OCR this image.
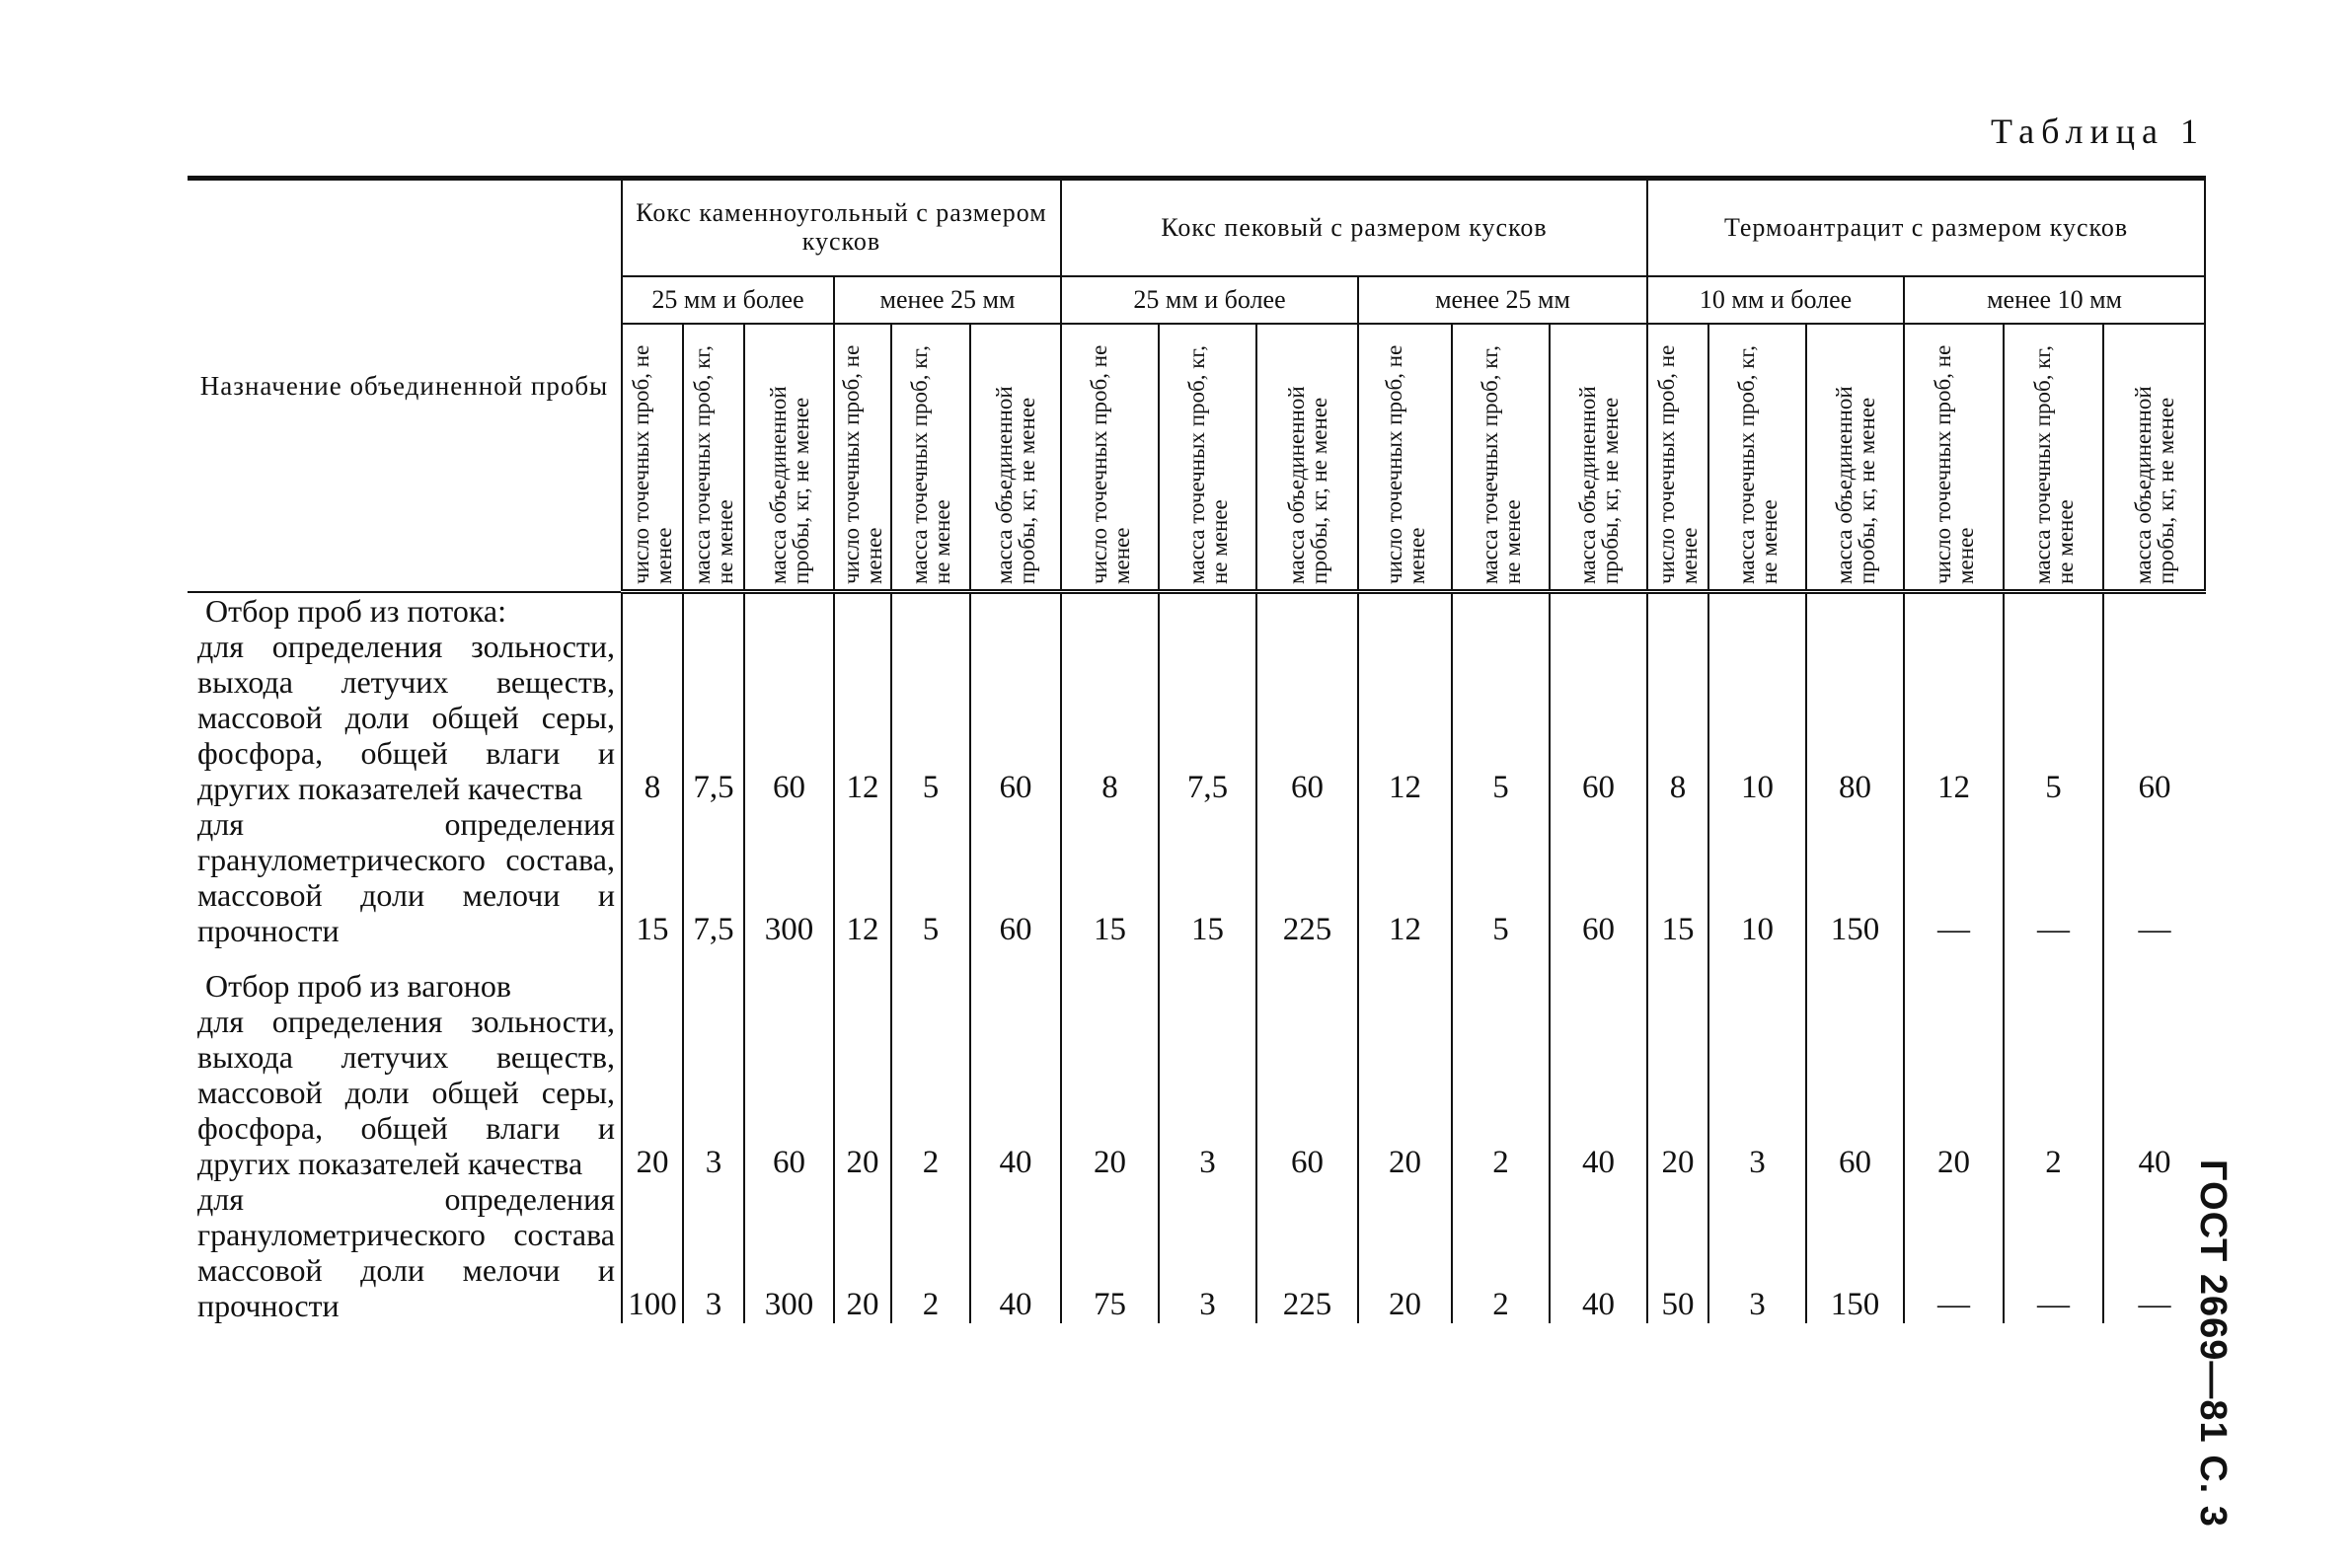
Таблица 1
ГОСТ 2669—81 С. 3
Назначение объединенной пробы	Кокс каменноугольный с размером кусков						Кокс пековый с размером кусков						Термоантрацит с размером кусков					
	25 мм и более			менее 25 мм			25 мм и более			менее 25 мм			10 мм и более			менее 10 мм		
	число точечных проб, не менее	масса точечных проб, кг, не менее	масса объединенной пробы, кг, не менее	число точечных проб, не менее	масса точечных проб, кг, не менее	масса объединенной пробы, кг, не менее	число точечных проб, не менее	масса точечных проб, кг, не менее	масса объединенной пробы, кг, не менее	число точечных проб, не менее	масса точечных проб, кг, не менее	масса объединенной пробы, кг, не менее	число точечных проб, не менее	масса точечных проб, кг, не менее	масса объединенной пробы, кг, не менее	число точечных проб, не менее	масса точечных проб, кг, не менее	масса объединенной пробы, кг, не менее

Отбор проб из потока:																		

для определения зольности, выхода летучих веществ, массовой доли общей серы, фосфора, общей влаги и других показателей качества	8	7,5	60	12	5	60	8	7,5	60	12	5	60	8	10	80	12	5	60
для определения гранулометрического состава, массовой доли мелочи и прочности	15	7,5	300	12	5	60	15	15	225	12	5	60	15	10	150	—	—	—

Отбор проб из вагонов																		

для определения зольности, выхода летучих веществ, массовой доли общей серы, фосфора, общей влаги и других показателей качества	20	3	60	20	2	40	20	3	60	20	2	40	20	3	60	20	2	40
для определения гранулометрического состава массовой доли мелочи и прочности	100	3	300	20	2	40	75	3	225	20	2	40	50	3	150	—	—	—
